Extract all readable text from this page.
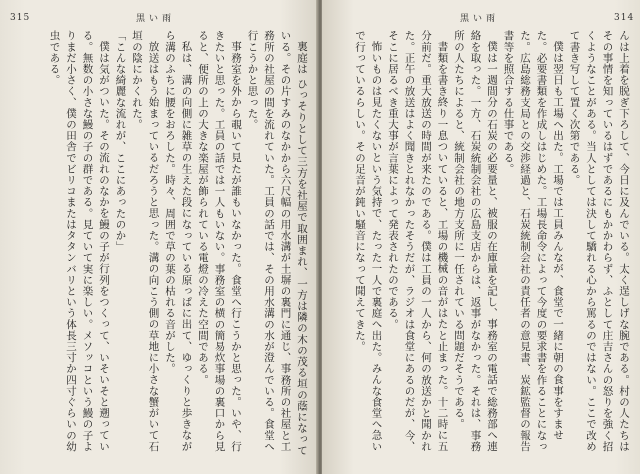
315	黒い雨

裏庭は ひっそりとして三方を社屋で取囲まれ、一方は隣の木の茂る垣の蔭になっている。その片すみのなかから六尺幅の用水溝が土塀の裏門に通じ、事務所の社屋と工務所の社屋の間を流れていた。工員の話では、その用水溝の水が澄んでいる。食堂へ行こうかと思った。

事務室を外から覗いて見たが誰もいなかった。食堂へ行こうかと思った。いや、行きたいと思った。工員の話では一人もいない。事務室の横の簡易炊事場の裏口から見ると、便所の上の大きな楽屋が飾られている電燈の冷えた空間である。

私は、溝の向側に雑草の生えた段になっている原っぱに出て、ゆっくりと歩きながら溝のふちに腰をおろした。時々、周囲で草の葉の枯れる音がした。

放送はもう始まっているだろうと思った。溝の向こう側の草地に小さな蟹がいて石垣の陰にかくれた。

「こんな綺麗な流れが、ここにあったのか」

僕は気がついた。その流れのなかを鰻の子が行列をつくって、いそいそと遡っている。無数の小さな鰻の子の群である。見ていて実に楽しい。メソッコという鰻の子よりまだ小さく、僕の田舎でビリコまたはタタンバリという体長三寸か四寸ぐらいの幼虫である。

黒い雨	314

んは上着を脱ぎ下ろして、今日に及んでいる。太く逞しげな腕である。村の人たちはその事情を知っているはずであるにもかかわらず、ふとして庄吉さんの怒りを強く招くようなことがある。当人としては決して驕れる心から罵るのではない。ここで改めて書き写して置く次第である。

僕は翌日も工場へ出た。工場では工員みんなが、食堂で一緒に朝の食事をすませた。必要書類を作成しはじめた。工場長命令によって今度の要求書を作ることになった。広島総務支局との交渉経過と、石炭統制会社の責任者の意見書、炭鉱監督の報告書等を照合する仕事である。

僕は一週間分の石炭の必要量と、被服の在庫量を記し、事務室の電話で総務部へ連絡を取った。一方、石炭統制会社の広島支店からは、返事がなかった。それは、事務所の人たちによると、統制会社の地方支所に一任されている問題だそうである。

書類を書き終り一息ついていると、工場の機械の音がはたと止まった。十二時に五分前だ。重大放送の時間が来たのである。僕は工員の一人から、何の放送かと聞かれた。正午の放送はよく聞きとれなかったそうだが、ラジオは食堂にあるのだが、今、そこに居るべき重大事が言葉によって発表されたのである。

怖いものは見たくないという気持で、たった一人で裏庭へ出た。みんな食堂へ急いで行っているらしい。その足音が鈍い騒音になって聞えてきた。
